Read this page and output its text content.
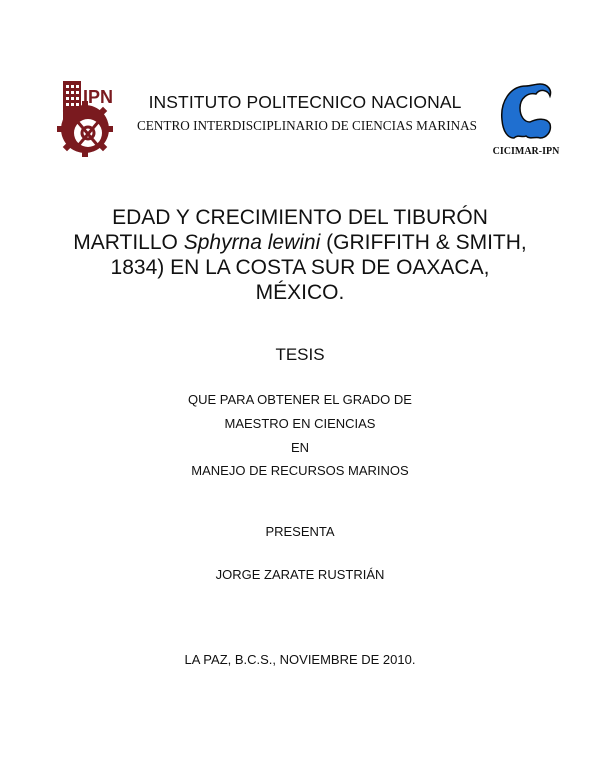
IPN
CICIMAR-IPN
INSTITUTO POLITECNICO NACIONAL
CENTRO INTERDISCIPLINARIO DE CIENCIAS MARINAS
EDAD Y CRECIMIENTO DEL TIBURÓN
MARTILLO Sphyrna lewini (GRIFFITH & SMITH,
1834) EN LA COSTA SUR DE OAXACA,
MÉXICO.
TESIS
QUE PARA OBTENER EL GRADO DE
MAESTRO EN CIENCIAS
EN
MANEJO DE RECURSOS MARINOS
PRESENTA
JORGE ZARATE RUSTRIÁN
LA PAZ, B.C.S., NOVIEMBRE DE 2010.
